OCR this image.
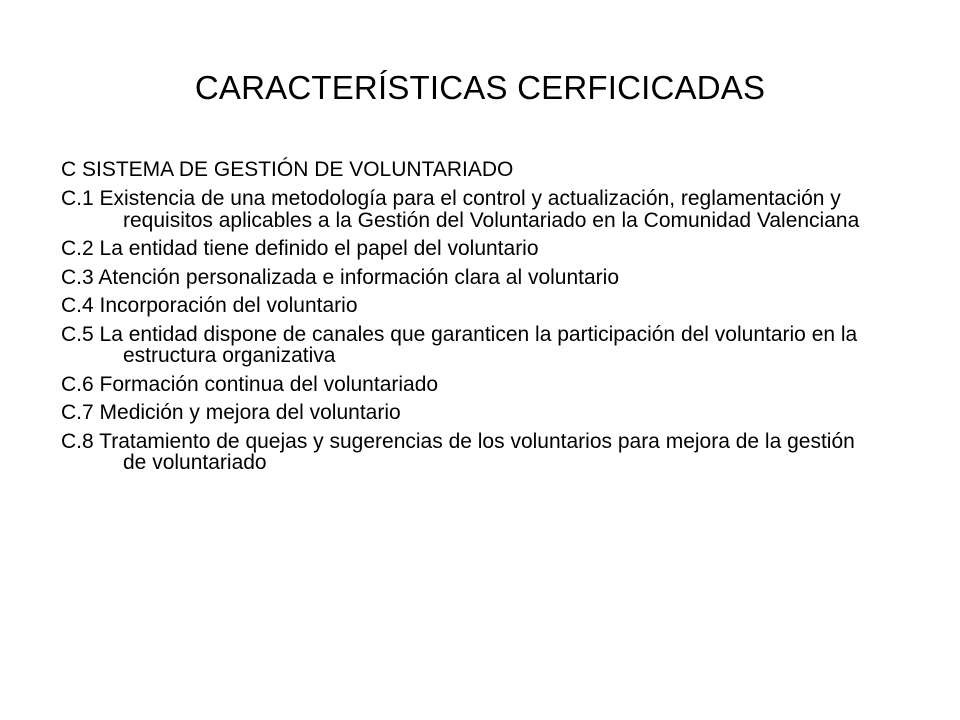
CARACTERÍSTICAS CERFICICADAS
C SISTEMA DE GESTIÓN DE VOLUNTARIADO
C.1 Existencia de una metodología para el control y actualización, reglamentación y requisitos aplicables a la Gestión del Voluntariado en la Comunidad Valenciana
C.2 La entidad tiene definido el papel del voluntario
C.3 Atención personalizada e información clara al voluntario
C.4 Incorporación del voluntario
C.5 La entidad dispone de canales que garanticen la participación del voluntario en la estructura organizativa
C.6 Formación continua del voluntariado
C.7 Medición y mejora del voluntario
C.8 Tratamiento de quejas y sugerencias de los voluntarios para mejora de la gestión de voluntariado
